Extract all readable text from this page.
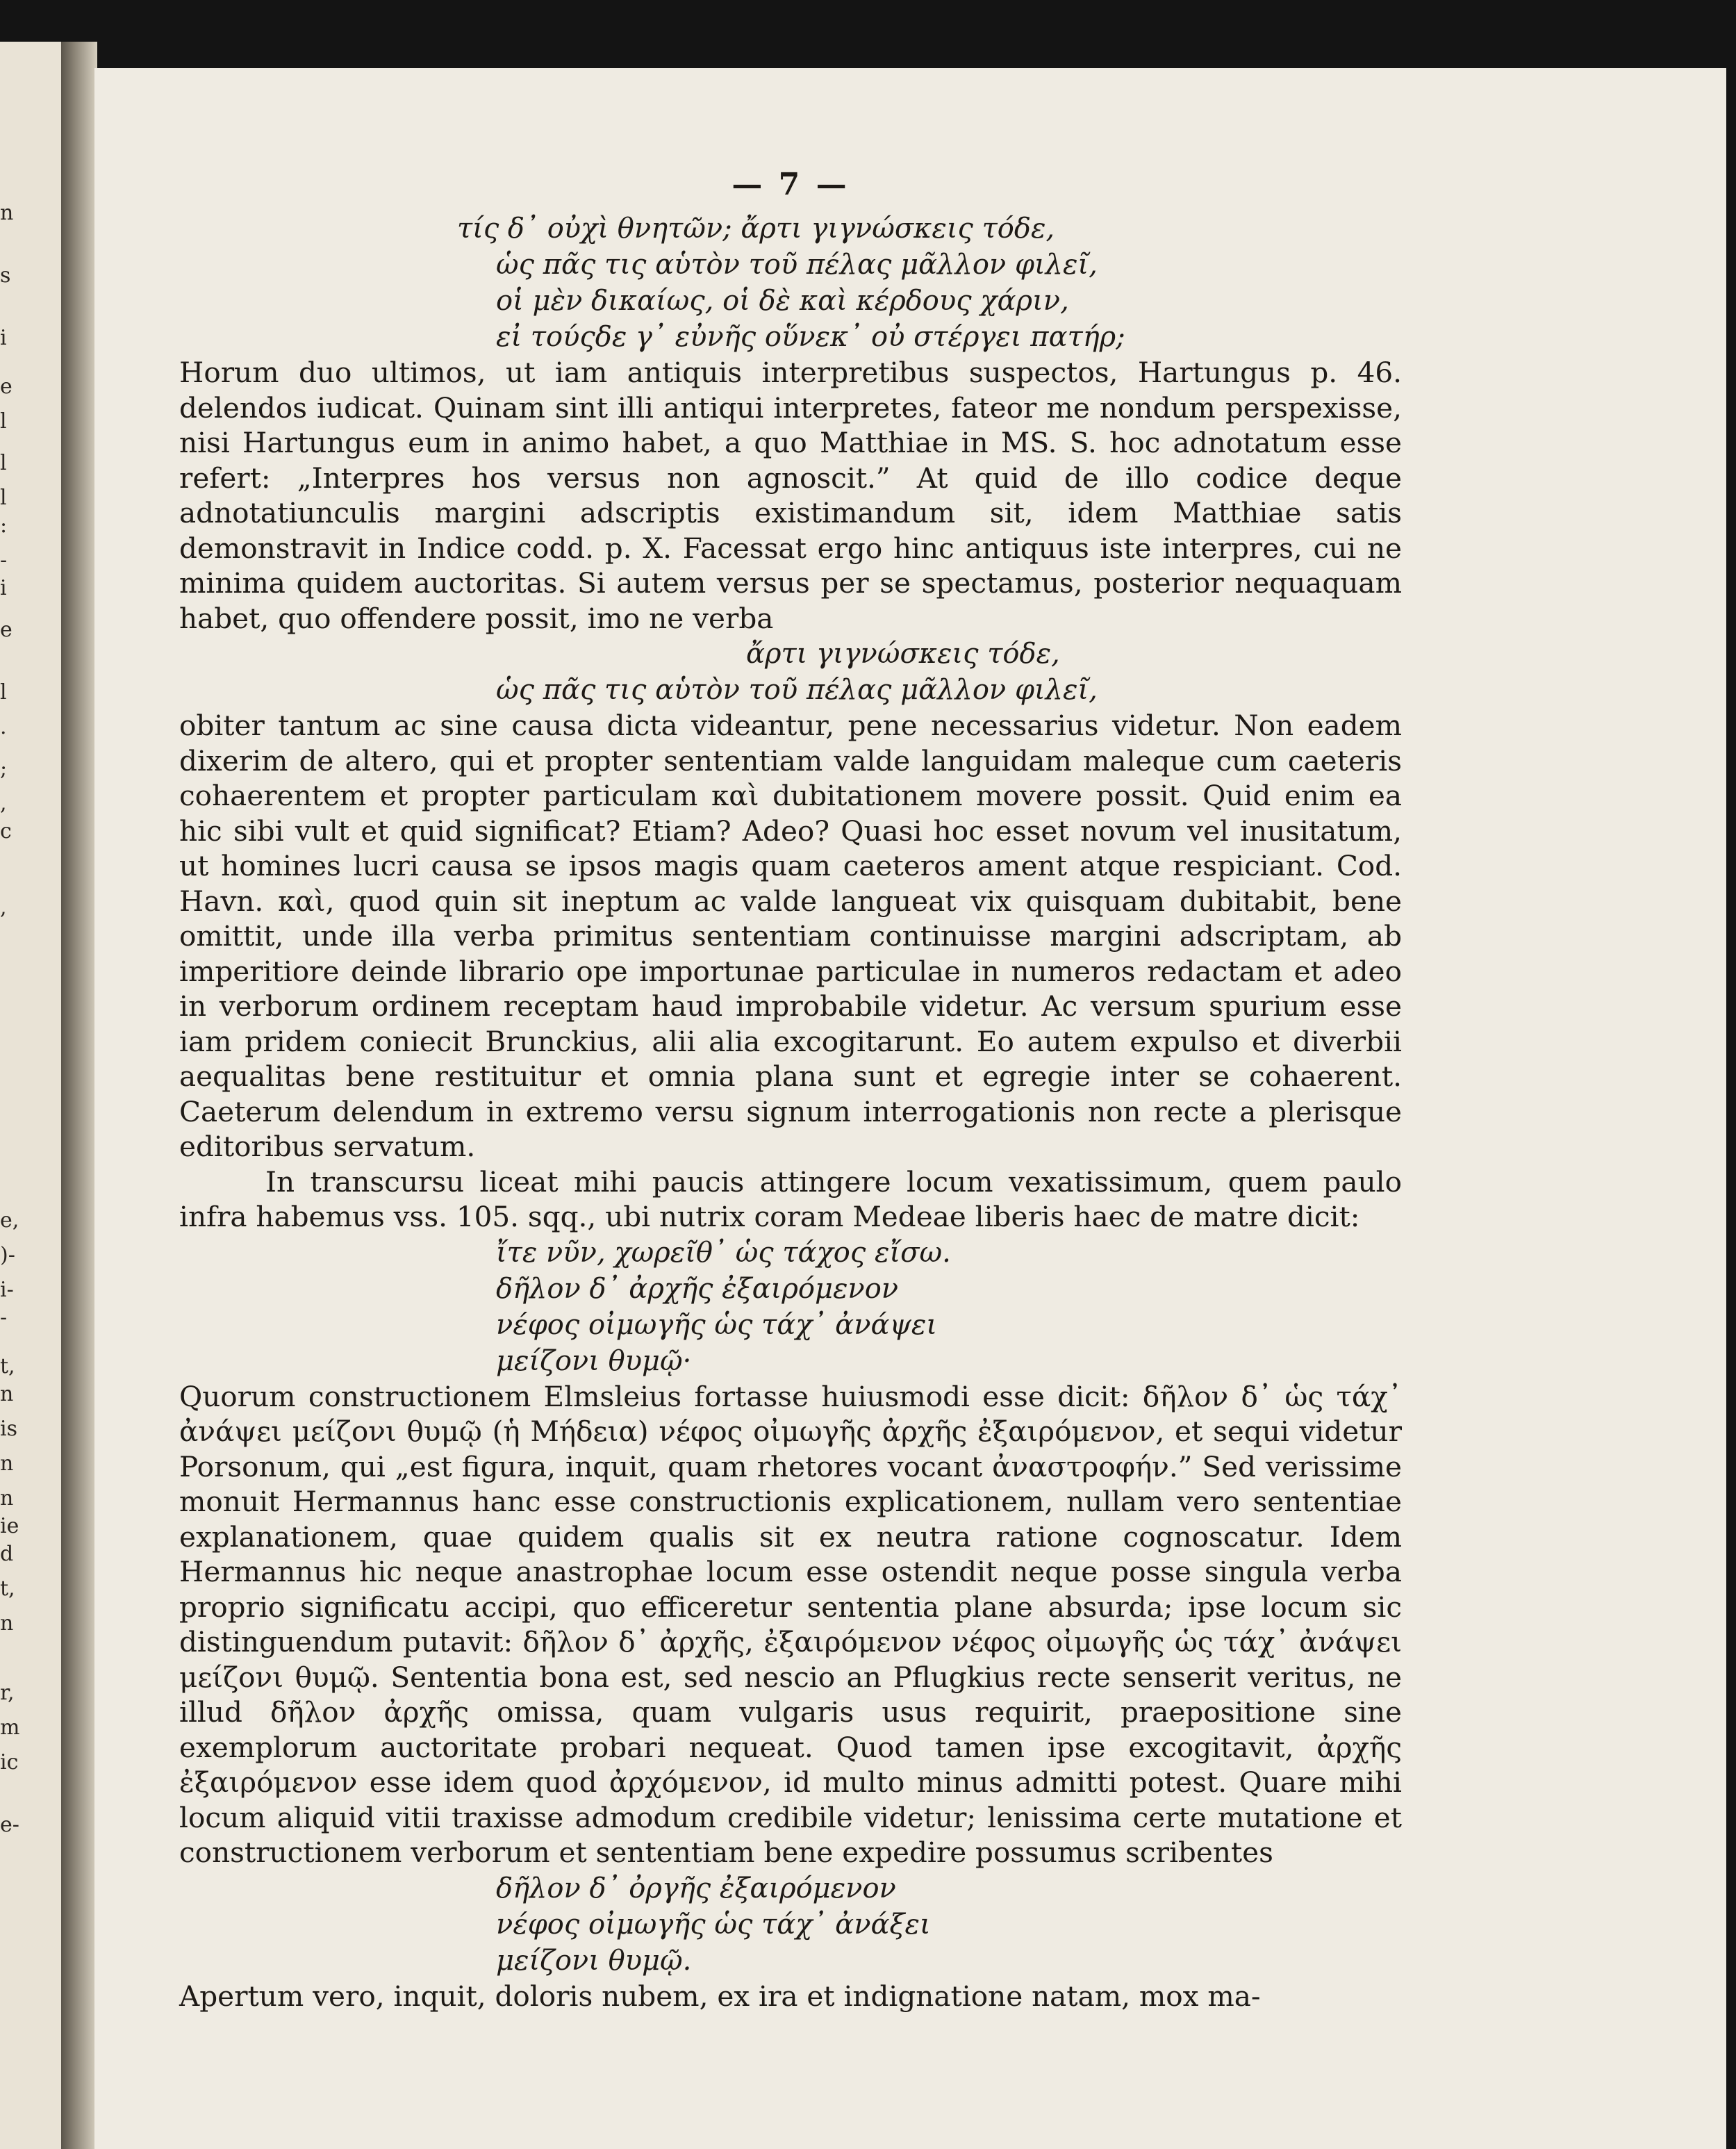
n
s
i
e
l
l
l
:
-
i
e
l
.
;
,
c
,
e,
)-
i-
-
t,
n
is
n
n
ie
d
t,
n
r,
m
ic
e-
— 7 —
τίς δ᾽ οὐχὶ θνητῶν; ἄρτι γιγνώσκεις τόδε,
ὡς πᾶς τις αὑτὸν τοῦ πέλας μᾶλλον φιλεῖ,
οἱ μὲν δικαίως, οἱ δὲ καὶ κέρδους χάριν,
εἰ τούςδε γ᾽ εὐνῆς οὕνεκ᾽ οὐ στέργει πατήρ;

Horum duo ultimos, ut iam antiquis interpretibus suspectos, Hartungus p. 46. delendos iudicat. Quinam sint illi antiqui interpretes, fateor me nondum perspexisse, nisi Hartungus eum in animo habet, a quo Matthiae in MS. S. hoc adnotatum esse refert: „Interpres hos versus non agnoscit.” At quid de illo codice deque adnotatiunculis margini adscriptis existimandum sit, idem Matthiae satis demonstravit in Indice codd. p. X. Facessat ergo hinc antiquus iste interpres, cui ne minima quidem auctoritas. Si autem versus per se spectamus, posterior nequaquam habet, quo offendere possit, imo ne verba

ἄρτι γιγνώσκεις τόδε,
ὡς πᾶς τις αὑτὸν τοῦ πέλας μᾶλλον φιλεῖ,

obiter tantum ac sine causa dicta videantur, pene necessarius videtur. Non eadem dixerim de altero, qui et propter sententiam valde languidam maleque cum caeteris cohaerentem et propter particulam καὶ dubitationem movere possit. Quid enim ea hic sibi vult et quid significat? Etiam? Adeo? Quasi hoc esset novum vel inusitatum, ut homines lucri causa se ipsos magis quam caeteros ament atque respiciant. Cod. Havn. καὶ, quod quin sit ineptum ac valde langueat vix quisquam dubitabit, bene omittit, unde illa verba primitus sententiam continuisse margini adscriptam, ab imperitiore deinde librario ope importunae particulae in numeros redactam et adeo in verborum ordinem receptam haud improbabile videtur. Ac versum spurium esse iam pridem coniecit Brunckius, alii alia excogitarunt. Eo autem expulso et diverbii aequalitas bene restituitur et omnia plana sunt et egregie inter se cohaerent. Caeterum delendum in extremo versu signum interrogationis non recte a plerisque editoribus servatum.

In transcursu liceat mihi paucis attingere locum vexatissimum, quem paulo infra habemus vss. 105. sqq., ubi nutrix coram Medeae liberis haec de matre dicit:

ἴτε νῦν, χωρεῖθ᾽ ὡς τάχος εἴσω.
δῆλον δ᾽ ἀρχῆς ἐξαιρόμενον
νέφος οἰμωγῆς ὡς τάχ᾽ ἀνάψει
μείζονι θυμῷ·

Quorum constructionem Elmsleius fortasse huiusmodi esse dicit: δῆλον δ᾽ ὡς τάχ᾽ ἀνάψει μείζονι θυμῷ (ἡ Μήδεια) νέφος οἰμωγῆς ἀρχῆς ἐξαιρόμενον, et sequi videtur Porsonum, qui „est figura, inquit, quam rhetores vocant ἀναστροφήν.” Sed verissime monuit Hermannus hanc esse constructionis explicationem, nullam vero sententiae explanationem, quae quidem qualis sit ex neutra ratione cognoscatur. Idem Hermannus hic neque anastrophae locum esse ostendit neque posse singula verba proprio significatu accipi, quo efficeretur sententia plane absurda; ipse locum sic distinguendum putavit: δῆλον δ᾽ ἀρχῆς, ἐξαιρόμενον νέφος οἰμωγῆς ὡς τάχ᾽ ἀνάψει μείζονι θυμῷ. Sententia bona est, sed nescio an Pflugkius recte senserit veritus, ne illud δῆλον ἀρχῆς omissa, quam vulgaris usus requirit, praepositione sine exemplorum auctoritate probari nequeat. Quod tamen ipse excogitavit, ἀρχῆς ἐξαιρόμενον esse idem quod ἀρχόμενον, id multo minus admitti potest. Quare mihi locum aliquid vitii traxisse admodum credibile videtur; lenissima certe mutatione et constructionem verborum et sententiam bene expedire possumus scribentes

δῆλον δ᾽ ὀργῆς ἐξαιρόμενον
νέφος οἰμωγῆς ὡς τάχ᾽ ἀνάξει
μείζονι θυμῷ.

Apertum vero, inquit, doloris nubem, ex ira et indignatione natam, mox ma-
